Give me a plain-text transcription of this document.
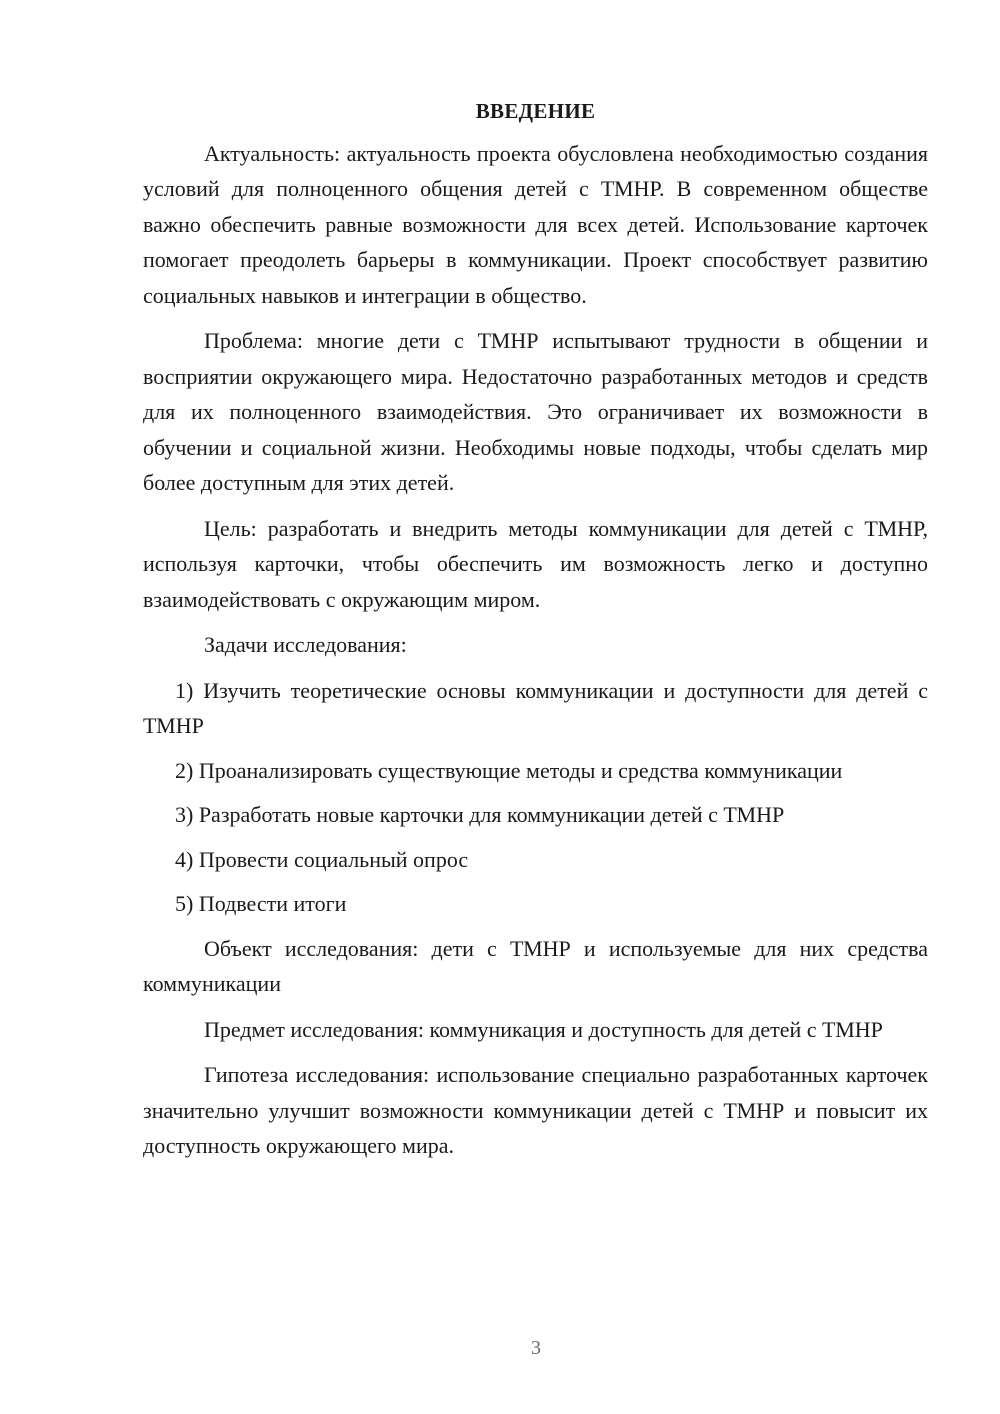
ВВЕДЕНИЕ

Актуальность: актуальность проекта обусловлена необходимостью создания условий для полноценного общения детей с ТМНР. В современном обществе важно обеспечить равные возможности для всех детей. Использование карточек помогает преодолеть барьеры в коммуникации. Проект способствует развитию социальных навыков и интеграции в общество.

Проблема: многие дети с ТМНР испытывают трудности в общении и восприятии окружающего мира. Недостаточно разработанных методов и средств для их полноценного взаимодействия. Это ограничивает их возможности в обучении и социальной жизни. Необходимы новые подходы, чтобы сделать мир более доступным для этих детей.

Цель: разработать и внедрить методы коммуникации для детей с ТМНР, используя карточки, чтобы обеспечить им возможность легко и доступно взаимодействовать с окружающим миром.

Задачи исследования:

1) Изучить теоретические основы коммуникации и доступности для детей с ТМНР

2) Проанализировать существующие методы и средства коммуникации

3) Разработать новые карточки для коммуникации детей с ТМНР

4) Провести социальный опрос

5) Подвести итоги

Объект исследования: дети с ТМНР и используемые для них средства коммуникации

Предмет исследования: коммуникация и доступность для детей с ТМНР

Гипотеза исследования: использование специально разработанных карточек значительно улучшит возможности коммуникации детей с ТМНР и повысит их доступность окружающего мира.

3
